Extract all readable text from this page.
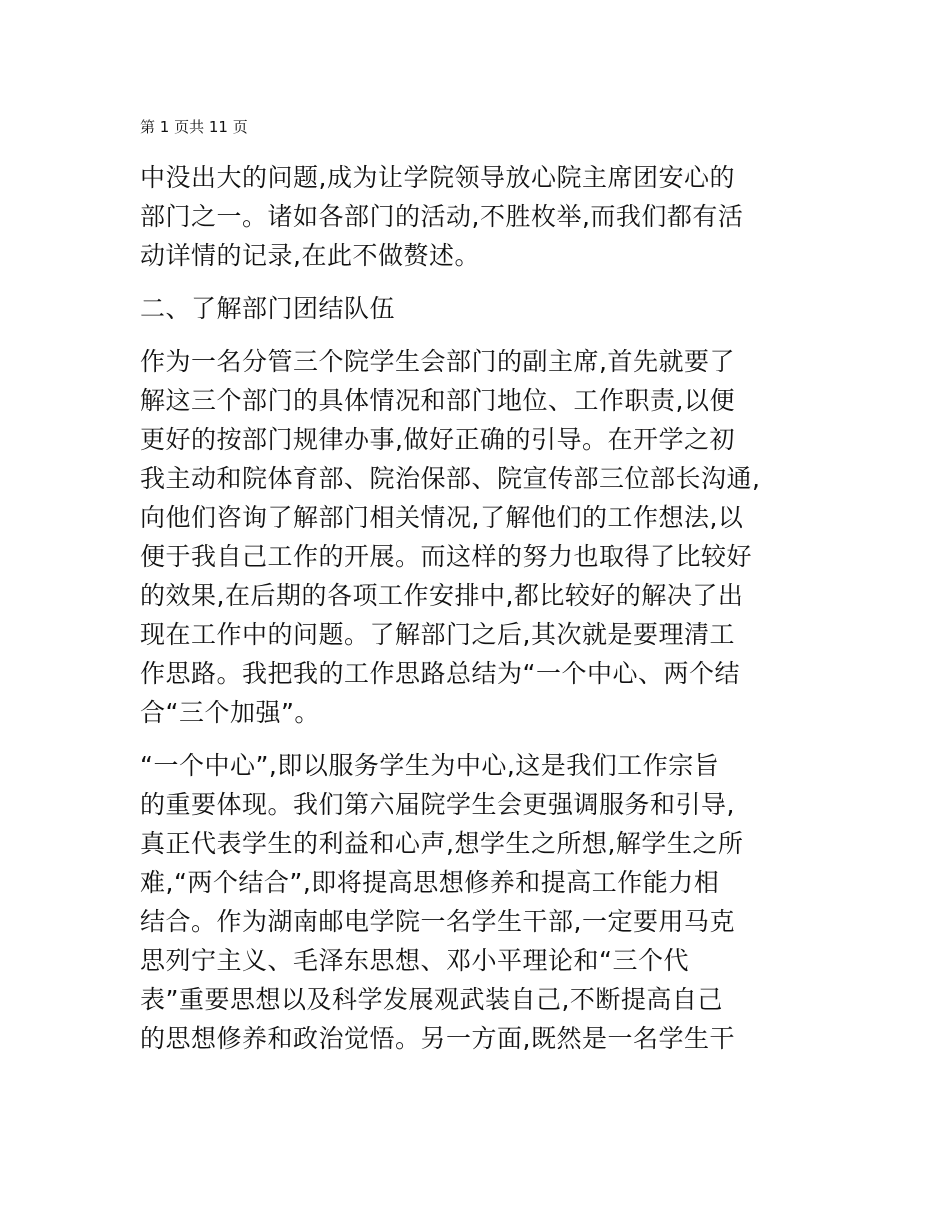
第 1 页共 11 页
中没出大的问题,成为让学院领导放心院主席团安心的
部门之一。诸如各部门的活动,不胜枚举,而我们都有活
动详情的记录,在此不做赘述。
二、了解部门团结队伍
作为一名分管三个院学生会部门的副主席,首先就要了
解这三个部门的具体情况和部门地位、工作职责,以便
更好的按部门规律办事,做好正确的引导。在开学之初
我主动和院体育部、院治保部、院宣传部三位部长沟通,
向他们咨询了解部门相关情况,了解他们的工作想法,以
便于我自己工作的开展。而这样的努力也取得了比较好
的效果,在后期的各项工作安排中,都比较好的解决了出
现在工作中的问题。了解部门之后,其次就是要理清工
作思路。我把我的工作思路总结为“一个中心、两个结
合“三个加强”。
“一个中心”,即以服务学生为中心,这是我们工作宗旨
的重要体现。我们第六届院学生会更强调服务和引导,
真正代表学生的利益和心声,想学生之所想,解学生之所
难,“两个结合”,即将提高思想修养和提高工作能力相
结合。作为湖南邮电学院一名学生干部,一定要用马克
思列宁主义、毛泽东思想、邓小平理论和“三个代
表”重要思想以及科学发展观武装自己,不断提高自己
的思想修养和政治觉悟。另一方面,既然是一名学生干
